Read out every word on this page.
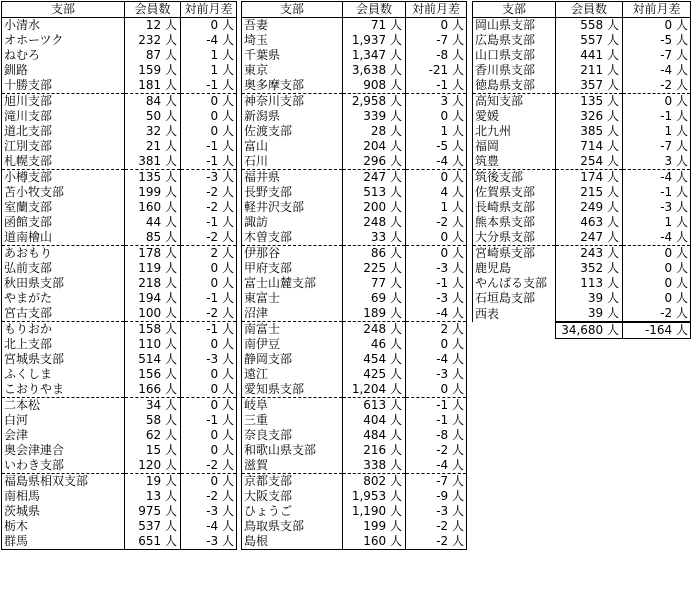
支部	会員数	対前月差
小清水	12 人	0 人
オホーツク	232 人	-4 人
ねむろ	87 人	1 人
釧路	159 人	1 人
十勝支部	181 人	-1 人
旭川支部	84 人	0 人
滝川支部	50 人	0 人
道北支部	32 人	0 人
江別支部	21 人	-1 人
札幌支部	381 人	-1 人
小樽支部	135 人	-3 人
苫小牧支部	199 人	-2 人
室蘭支部	160 人	-2 人
函館支部	44 人	-1 人
道南檜山	85 人	-2 人
あおもり	178 人	2 人
弘前支部	119 人	0 人
秋田県支部	218 人	0 人
やまがた	194 人	-1 人
宮古支部	100 人	-2 人
もりおか	158 人	-1 人
北上支部	110 人	0 人
宮城県支部	514 人	-3 人
ふくしま	156 人	0 人
こおりやま	166 人	0 人
二本松	34 人	0 人
白河	58 人	-1 人
会津	62 人	0 人
奥会津連合	15 人	0 人
いわき支部	120 人	-2 人
福島県相双支部	19 人	0 人
南相馬	13 人	-2 人
茨城県	975 人	-3 人
栃木	537 人	-4 人
群馬	651 人	-3 人
支部	会員数	対前月差
吾妻	71 人	0 人
埼玉	1,937 人	-7 人
千葉県	1,347 人	-8 人
東京	3,638 人	-21 人
奥多摩支部	908 人	-1 人
神奈川支部	2,958 人	3 人
新潟県	339 人	0 人
佐渡支部	28 人	1 人
富山	204 人	-5 人
石川	296 人	-4 人
福井県	247 人	0 人
長野支部	513 人	4 人
軽井沢支部	200 人	1 人
諏訪	248 人	-2 人
木曽支部	33 人	0 人
伊那谷	86 人	0 人
甲府支部	225 人	-3 人
富士山麓支部	77 人	-1 人
東富士	69 人	-3 人
沼津	189 人	-4 人
南富士	248 人	2 人
南伊豆	46 人	0 人
静岡支部	454 人	-4 人
遠江	425 人	-3 人
愛知県支部	1,204 人	0 人
岐阜	613 人	-1 人
三重	404 人	-1 人
奈良支部	484 人	-8 人
和歌山県支部	216 人	-2 人
滋賀	338 人	-4 人
京都支部	802 人	-7 人
大阪支部	1,953 人	-9 人
ひょうご	1,190 人	-3 人
鳥取県支部	199 人	-2 人
島根	160 人	-2 人
支部	会員数	対前月差
岡山県支部	558 人	0 人
広島県支部	557 人	-5 人
山口県支部	441 人	-7 人
香川県支部	211 人	-4 人
徳島県支部	357 人	-2 人
高知支部	135 人	0 人
愛媛	326 人	-1 人
北九州	385 人	1 人
福岡	714 人	-7 人
筑豊	254 人	3 人
筑後支部	174 人	-4 人
佐賀県支部	215 人	-1 人
長崎県支部	249 人	-3 人
熊本県支部	463 人	1 人
大分県支部	247 人	-4 人
宮崎県支部	243 人	0 人
鹿児島	352 人	0 人
やんばる支部	113 人	0 人
石垣島支部	39 人	0 人
西表	39 人	-2 人
	34,680 人	-164 人
